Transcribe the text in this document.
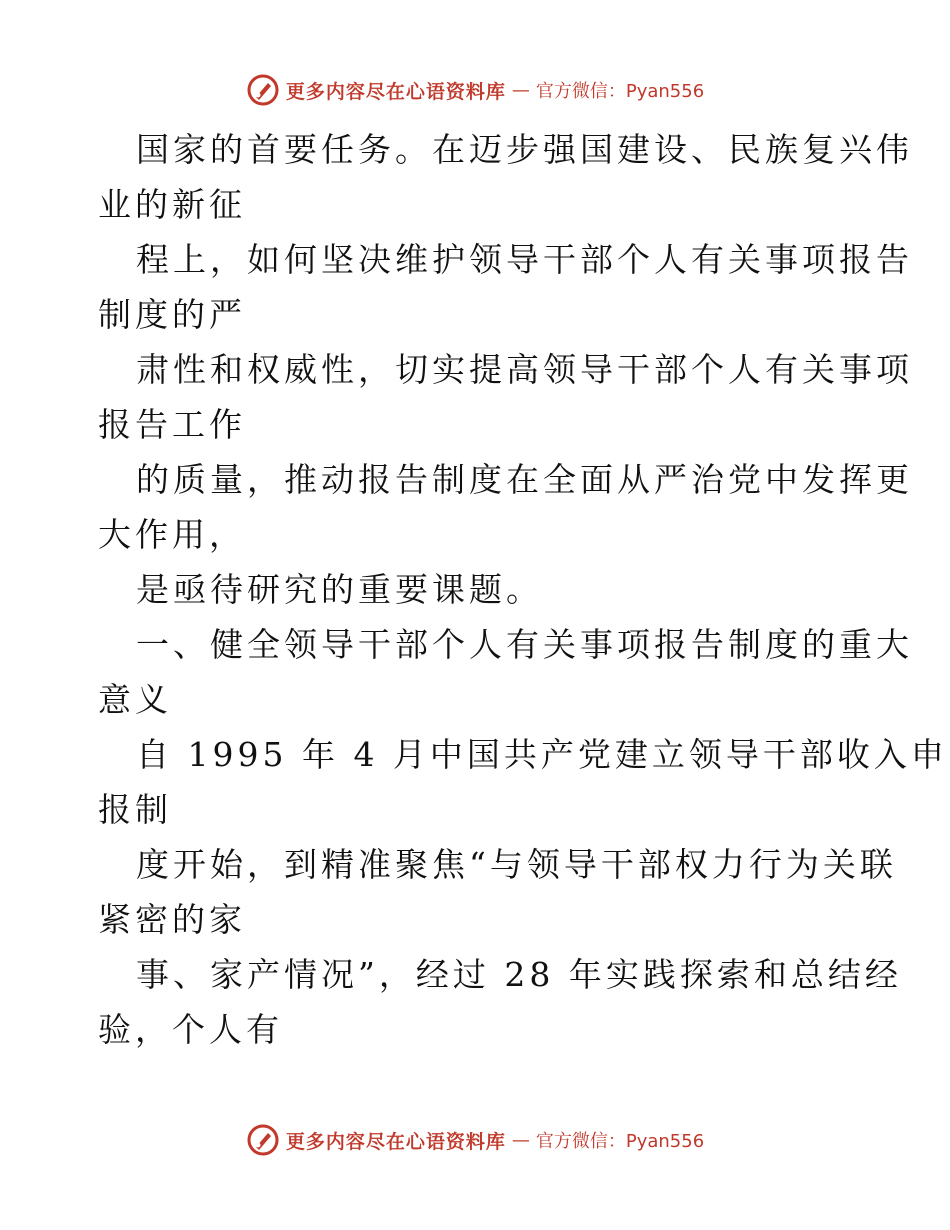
更多内容尽在心语资料库 — 官方微信：Pyan556
国家的首要任务。在迈步强国建设、民族复兴伟
业的新征
程上，如何坚决维护领导干部个人有关事项报告
制度的严
肃性和权威性，切实提高领导干部个人有关事项
报告工作
的质量，推动报告制度在全面从严治党中发挥更
大作用，
是亟待研究的重要课题。
一、健全领导干部个人有关事项报告制度的重大
意义
自 1995 年 4 月中国共产党建立领导干部收入申
报制
度开始，到精准聚焦“与领导干部权力行为关联
紧密的家
事、家产情况”，经过 28 年实践探索和总结经
验，个人有
更多内容尽在心语资料库 — 官方微信：Pyan556
